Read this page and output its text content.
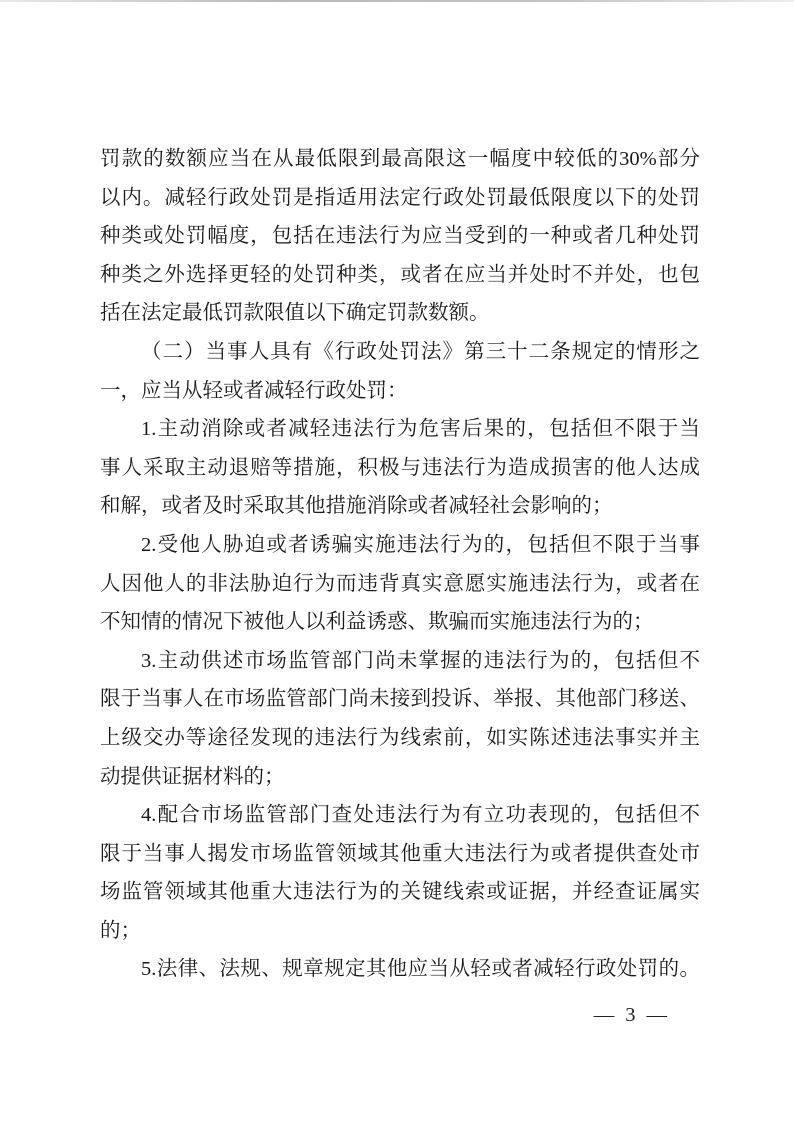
罚款的数额应当在从最低限到最高限这一幅度中较低的30%部分
以内。减轻行政处罚是指适用法定行政处罚最低限度以下的处罚
种类或处罚幅度，包括在违法行为应当受到的一种或者几种处罚
种类之外选择更轻的处罚种类，或者在应当并处时不并处，也包
括在法定最低罚款限值以下确定罚款数额。
（二）当事人具有《行政处罚法》第三十二条规定的情形之
一，应当从轻或者减轻行政处罚：
1.主动消除或者减轻违法行为危害后果的，包括但不限于当
事人采取主动退赔等措施，积极与违法行为造成损害的他人达成
和解，或者及时采取其他措施消除或者减轻社会影响的；
2.受他人胁迫或者诱骗实施违法行为的，包括但不限于当事
人因他人的非法胁迫行为而违背真实意愿实施违法行为，或者在
不知情的情况下被他人以利益诱惑、欺骗而实施违法行为的；
3.主动供述市场监管部门尚未掌握的违法行为的，包括但不
限于当事人在市场监管部门尚未接到投诉、举报、其他部门移送、
上级交办等途径发现的违法行为线索前，如实陈述违法事实并主
动提供证据材料的；
4.配合市场监管部门查处违法行为有立功表现的，包括但不
限于当事人揭发市场监管领域其他重大违法行为或者提供查处市
场监管领域其他重大违法行为的关键线索或证据，并经查证属实
的；
5.法律、法规、规章规定其他应当从轻或者减轻行政处罚的。
— 3 —
